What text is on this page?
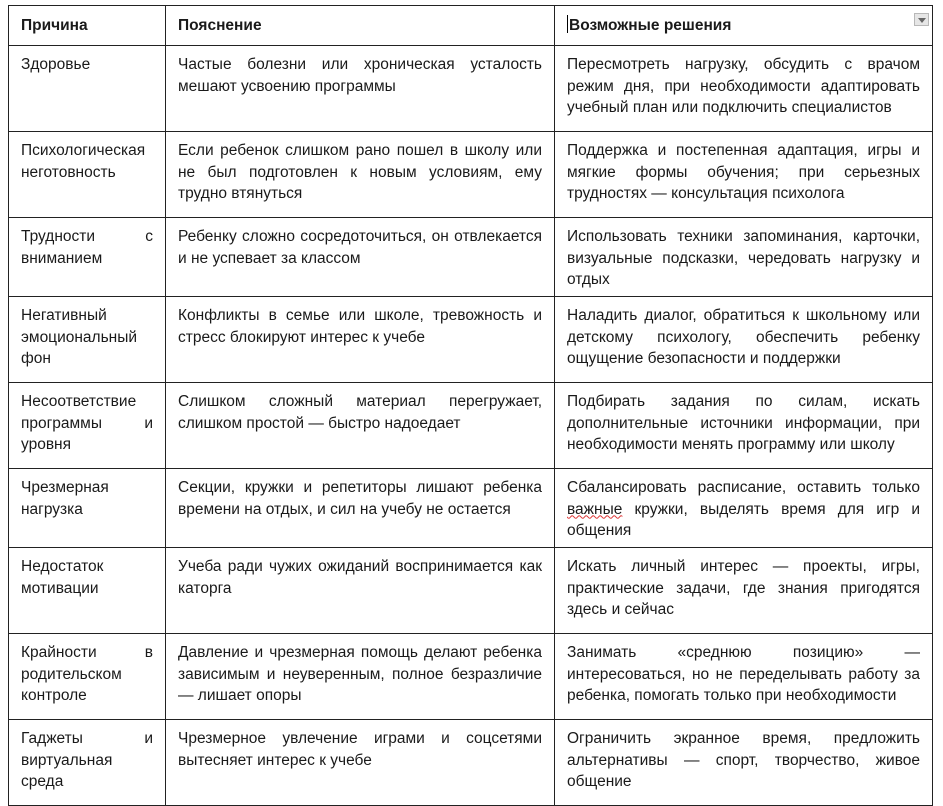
Причина	Пояснение	Возможные решения

Здоровье	Частые болезни или хроническая усталость мешают усвоению программы	Пересмотреть нагрузку, обсудить с врачом режим дня, при необходимости адаптировать учебный план или подключить специалистов
Психологическая неготовность	Если ребенок слишком рано пошел в школу или не был подготовлен к новым условиям, ему трудно втянуться	Поддержка и постепенная адаптация, игры и мягкие формы обучения; при серьезных трудностях — консультация психолога
Трудности с вниманием	Ребенку сложно сосредоточиться, он отвлекается и не успевает за классом	Использовать техники запоминания, карточки, визуальные подсказки, чередовать нагрузку и отдых
Негативный эмоциональный фон	Конфликты в семье или школе, тревожность и стресс блокируют интерес к учебе	Наладить диалог, обратиться к школьному или детскому психологу, обеспечить ребенку ощущение безопасности и поддержки
Несоответствие программы и уровня	Слишком сложный материал перегружает, слишком простой — быстро надоедает	Подбирать задания по силам, искать дополнительные источники информации, при необходимости менять программу или школу
Чрезмерная нагрузка	Секции, кружки и репетиторы лишают ребенка времени на отдых, и сил на учебу не остается	Сбалансировать расписание, оставить только важные кружки, выделять время для игр и общения
Недостаток мотивации	Учеба ради чужих ожиданий воспринимается как каторга	Искать личный интерес — проекты, игры, практические задачи, где знания пригодятся здесь и сейчас
Крайности в родительском контроле	Давление и чрезмерная помощь делают ребенка зависимым и неуверенным, полное безразличие — лишает опоры	Занимать «среднюю позицию» — интересоваться, но не переделывать работу за ребенка, помогать только при необходимости
Гаджеты и виртуальная среда	Чрезмерное увлечение играми и соцсетями вытесняет интерес к учебе	Ограничить экранное время, предложить альтернативы — спорт, творчество, живое общение
